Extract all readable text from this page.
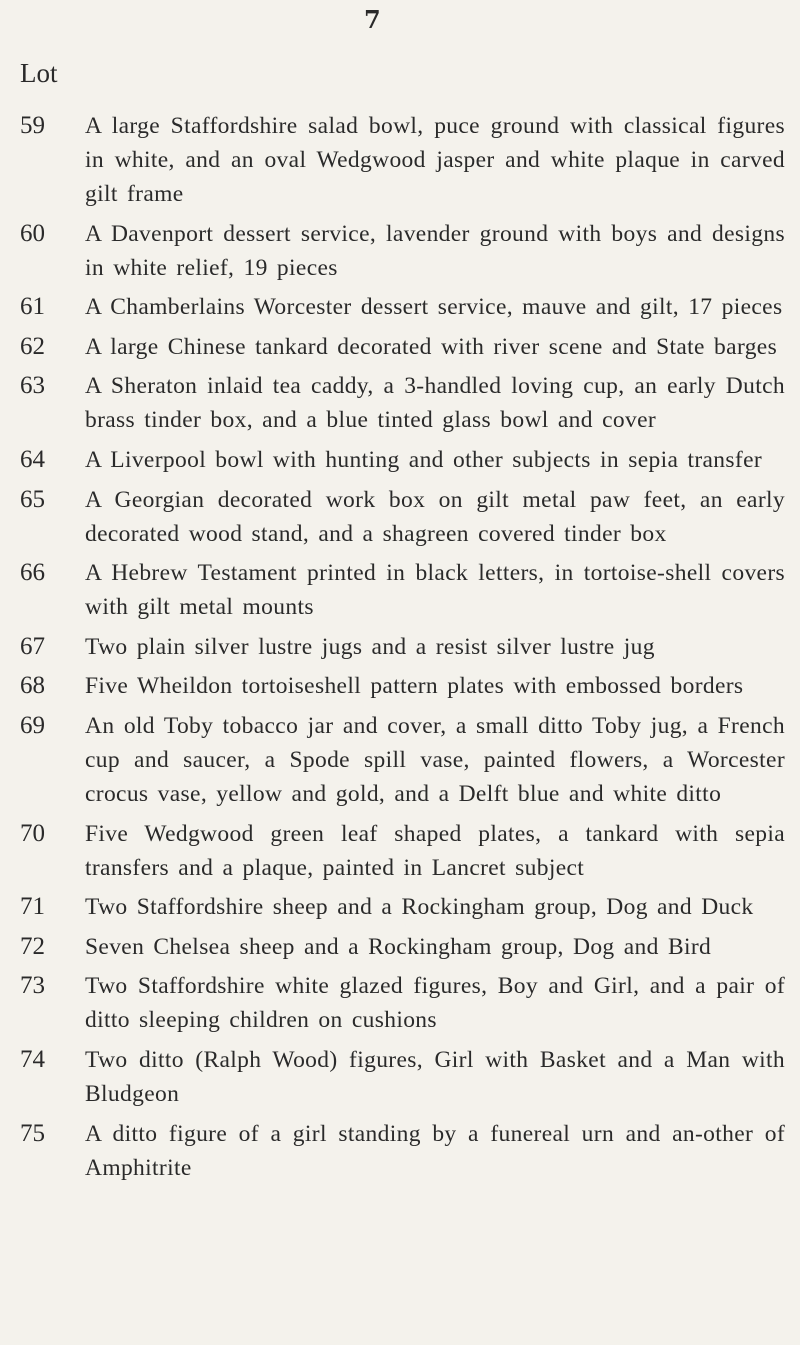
7
Lot
59	A large Staffordshire salad bowl, puce ground with classical figures in white, and an oval Wedgwood jasper and white plaque in carved gilt frame
60	A Davenport dessert service, lavender ground with boys and designs in white relief, 19 pieces
61	A Chamberlains Worcester dessert service, mauve and gilt, 17 pieces
62	A large Chinese tankard decorated with river scene and State barges
63	A Sheraton inlaid tea caddy, a 3-handled loving cup, an early Dutch brass tinder box, and a blue tinted glass bowl and cover
64	A Liverpool bowl with hunting and other subjects in sepia transfer
65	A Georgian decorated work box on gilt metal paw feet, an early decorated wood stand, and a shagreen covered tinder box
66	A Hebrew Testament printed in black letters, in tortoise-shell covers with gilt metal mounts
67	Two plain silver lustre jugs and a resist silver lustre jug
68	Five Wheildon tortoiseshell pattern plates with embossed borders
69	An old Toby tobacco jar and cover, a small ditto Toby jug, a French cup and saucer, a Spode spill vase, painted flowers, a Worcester crocus vase, yellow and gold, and a Delft blue and white ditto
70	Five Wedgwood green leaf shaped plates, a tankard with sepia transfers and a plaque, painted in Lancret subject
71	Two Staffordshire sheep and a Rockingham group, Dog and Duck
72	Seven Chelsea sheep and a Rockingham group, Dog and Bird
73	Two Staffordshire white glazed figures, Boy and Girl, and a pair of ditto sleeping children on cushions
74	Two ditto (Ralph Wood) figures, Girl with Basket and a Man with Bludgeon
75	A ditto figure of a girl standing by a funereal urn and an-other of Amphitrite
